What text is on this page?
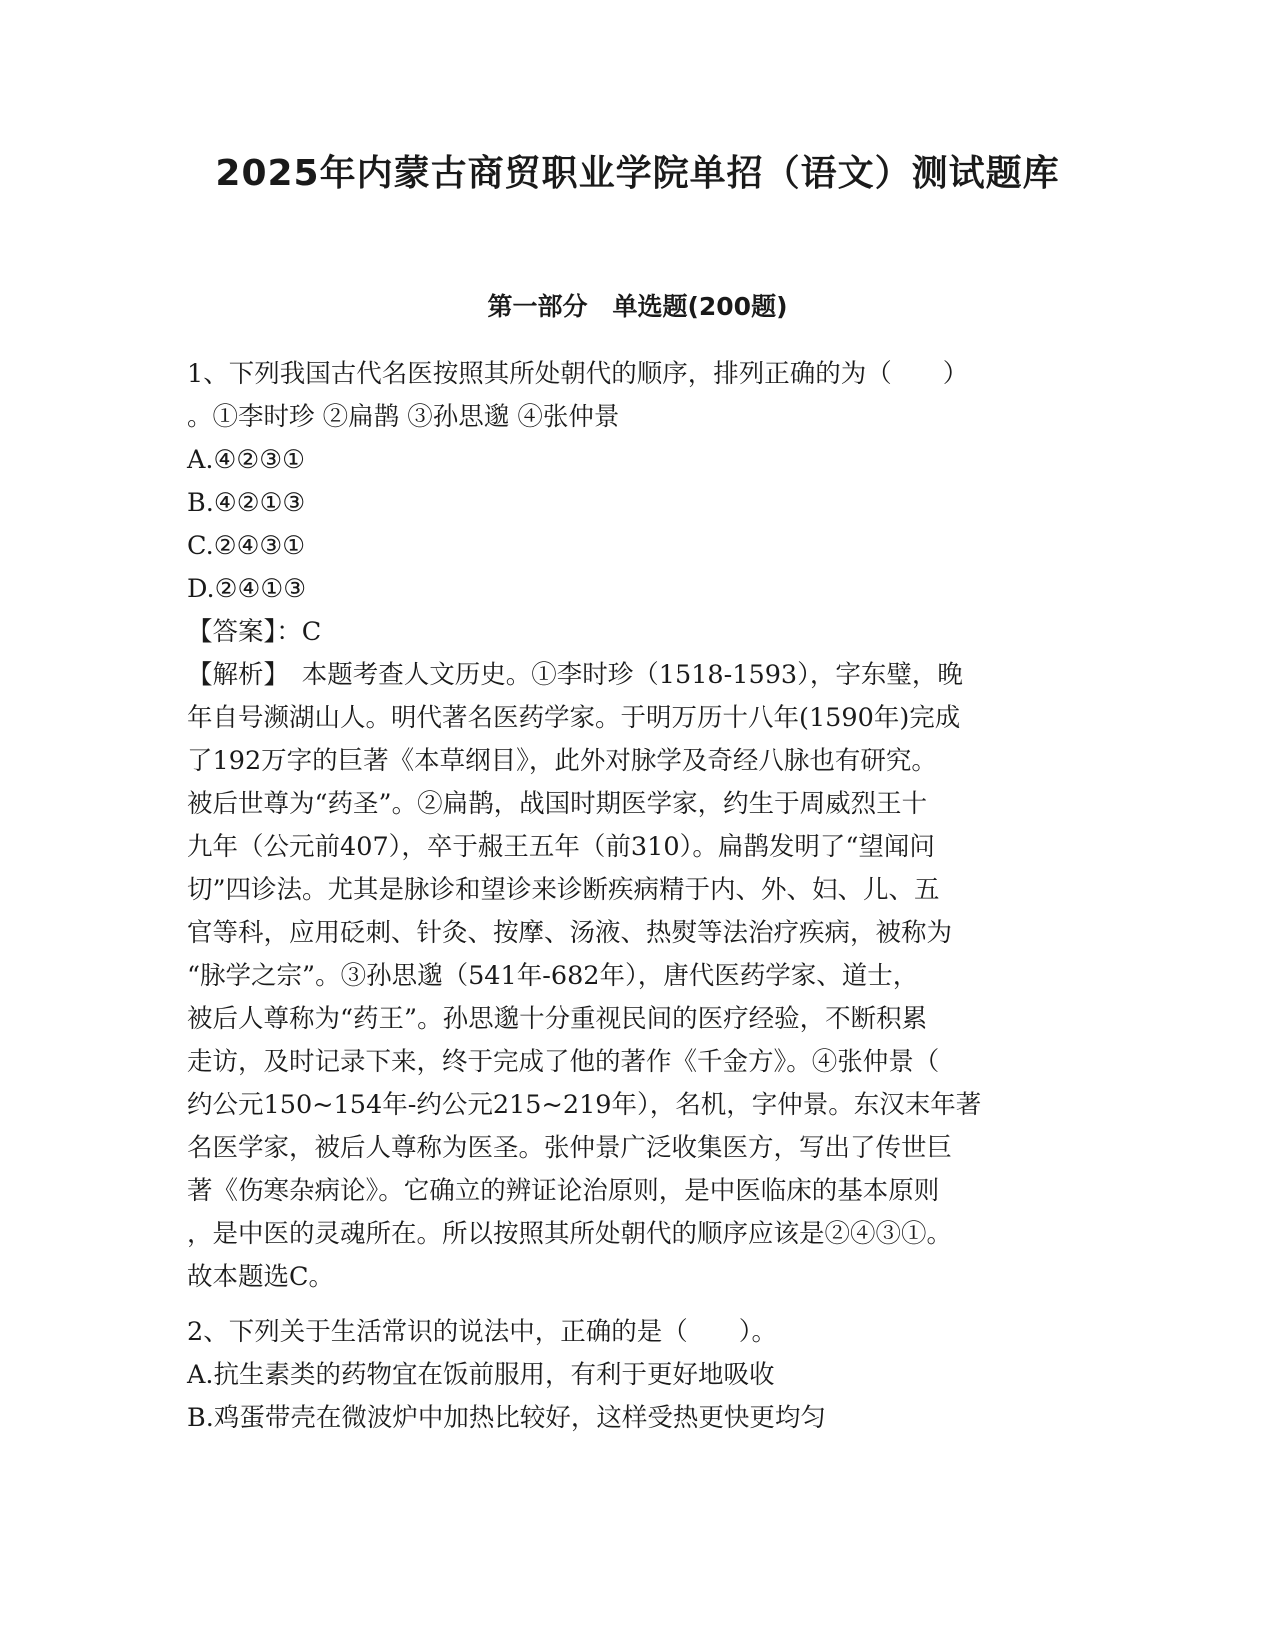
2025年内蒙古商贸职业学院单招（语文）测试题库
第一部分　单选题(200题)

1、下列我国古代名医按照其所处朝代的顺序，排列正确的为（　　）

。①李时珍 ②扁鹊 ③孙思邈 ④张仲景

A.④②③①

B.④②①③

C.②④③①

D.②④①③

【答案】：C

【解析】　本题考查人文历史。①李时珍（1518-1593），字东璧，晚

年自号濒湖山人。明代著名医药学家。于明万历十八年(1590年)完成

了192万字的巨著《本草纲目》，此外对脉学及奇经八脉也有研究。

被后世尊为“药圣”。②扁鹊，战国时期医学家，约生于周威烈王十

九年（公元前407），卒于赧王五年（前310）。扁鹊发明了“望闻问

切”四诊法。尤其是脉诊和望诊来诊断疾病精于内、外、妇、儿、五

官等科，应用砭刺、针灸、按摩、汤液、热熨等法治疗疾病，被称为

“脉学之宗”。③孙思邈（541年-682年），唐代医药学家、道士，

被后人尊称为“药王”。孙思邈十分重视民间的医疗经验，不断积累

走访，及时记录下来，终于完成了他的著作《千金方》。④张仲景（

约公元150~154年-约公元215~219年），名机，字仲景。东汉末年著

名医学家，被后人尊称为医圣。张仲景广泛收集医方，写出了传世巨

著《伤寒杂病论》。它确立的辨证论治原则，是中医临床的基本原则

，是中医的灵魂所在。所以按照其所处朝代的顺序应该是②④③①。

故本题选C。

2、下列关于生活常识的说法中，正确的是（　　）。

A.抗生素类的药物宜在饭前服用，有利于更好地吸收

B.鸡蛋带壳在微波炉中加热比较好，这样受热更快更均匀
